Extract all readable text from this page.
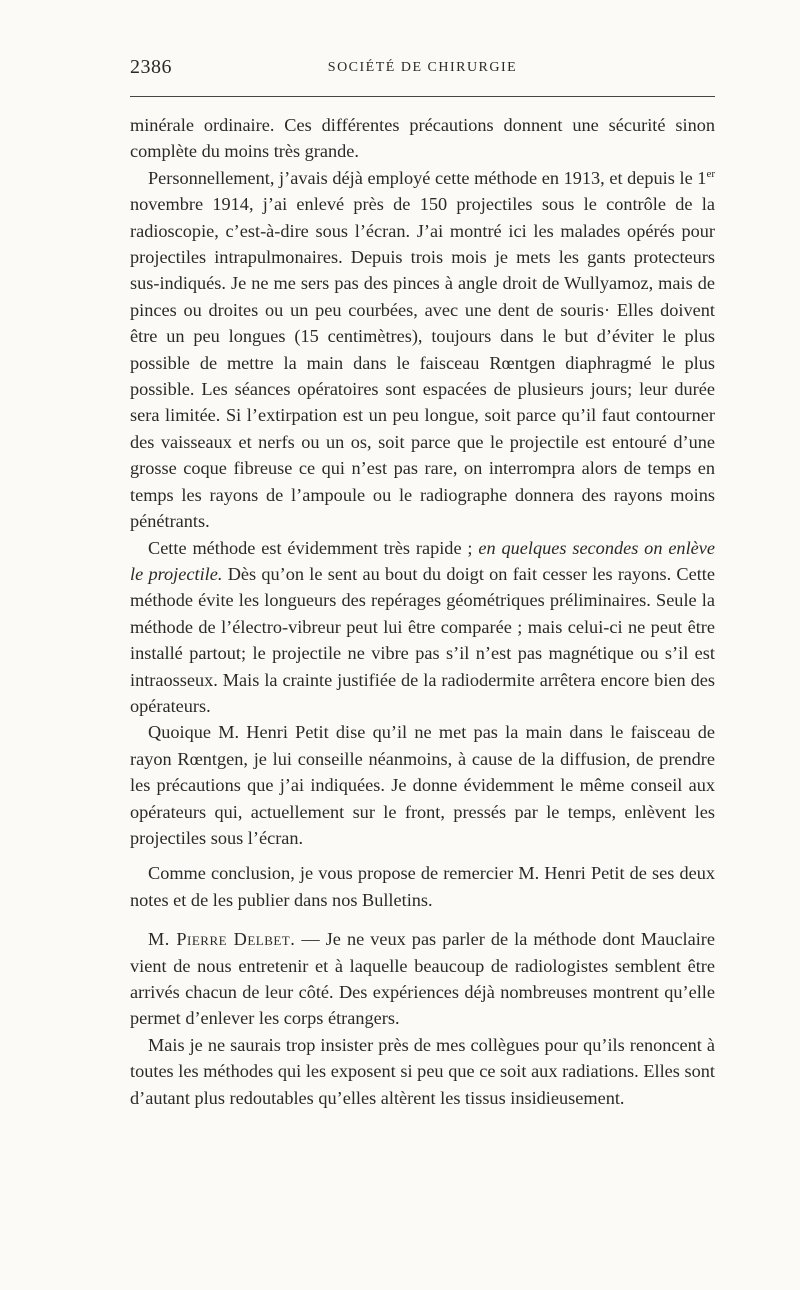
2386	SOCIÉTÉ DE CHIRURGIE

minérale ordinaire. Ces différentes précautions donnent une sécurité sinon complète du moins très grande.

Personnellement, j’avais déjà employé cette méthode en 1913, et depuis le 1er novembre 1914, j’ai enlevé près de 150 projectiles sous le contrôle de la radioscopie, c’est-à-dire sous l’écran. J’ai montré ici les malades opérés pour projectiles intrapulmonaires. Depuis trois mois je mets les gants protecteurs sus-indiqués. Je ne me sers pas des pinces à angle droit de Wullyamoz, mais de pinces ou droites ou un peu courbées, avec une dent de souris· Elles doivent être un peu longues (15 centimètres), toujours dans le but d’éviter le plus possible de mettre la main dans le faisceau Rœntgen diaphragmé le plus possible. Les séances opératoires sont espacées de plusieurs jours; leur durée sera limitée. Si l’extirpation est un peu longue, soit parce qu’il faut contourner des vaisseaux et nerfs ou un os, soit parce que le projectile est entouré d’une grosse coque fibreuse ce qui n’est pas rare, on interrompra alors de temps en temps les rayons de l’ampoule ou le radiographe donnera des rayons moins pénétrants.

Cette méthode est évidemment très rapide ; en quelques secondes on enlève le projectile. Dès qu’on le sent au bout du doigt on fait cesser les rayons. Cette méthode évite les longueurs des repérages géométriques préliminaires. Seule la méthode de l’électro-vibreur peut lui être comparée ; mais celui-ci ne peut être installé partout; le projectile ne vibre pas s’il n’est pas magnétique ou s’il est intraosseux. Mais la crainte justifiée de la radiodermite arrêtera encore bien des opérateurs.

Quoique M. Henri Petit dise qu’il ne met pas la main dans le faisceau de rayon Rœntgen, je lui conseille néanmoins, à cause de la diffusion, de prendre les précautions que j’ai indiquées. Je donne évidemment le même conseil aux opérateurs qui, actuellement sur le front, pressés par le temps, enlèvent les projectiles sous l’écran.

Comme conclusion, je vous propose de remercier M. Henri Petit de ses deux notes et de les publier dans nos Bulletins.

M. Pierre Delbet. — Je ne veux pas parler de la méthode dont Mauclaire vient de nous entretenir et à laquelle beaucoup de radiologistes semblent être arrivés chacun de leur côté. Des expériences déjà nombreuses montrent qu’elle permet d’enlever les corps étrangers.

Mais je ne saurais trop insister près de mes collègues pour qu’ils renoncent à toutes les méthodes qui les exposent si peu que ce soit aux radiations. Elles sont d’autant plus redoutables qu’elles altèrent les tissus insidieusement.
